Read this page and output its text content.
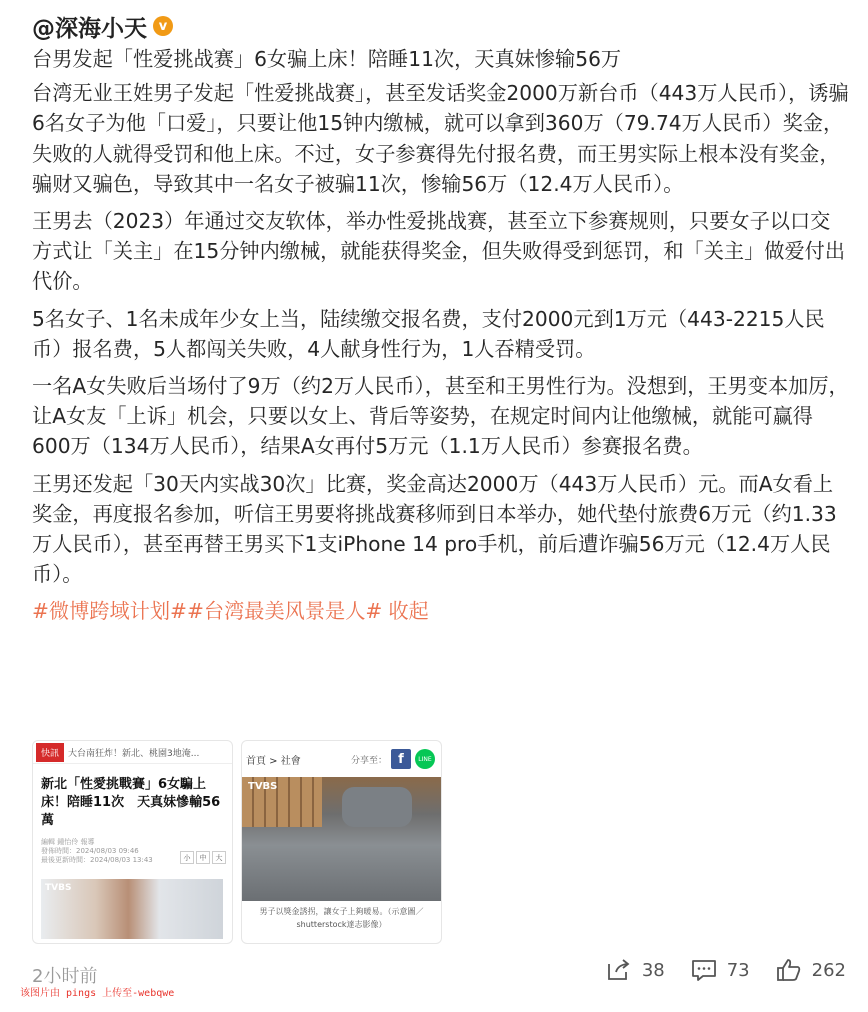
@深海小天 v

台男发起「性爱挑战赛」6女骗上床！陪睡11次，天真妹惨输56万

台湾无业王姓男子发起「性爱挑战赛」，甚至发话奖金2000万新台币（443万人民币），诱骗6名女子为他「口爱」，只要让他15钟内缴械，就可以拿到360万（79.74万人民币）奖金，失败的人就得受罚和他上床。不过，女子参赛得先付报名费，而王男实际上根本没有奖金，骗财又骗色，导致其中一名女子被骗11次，惨输56万（12.4万人民币）。

王男去（2023）年通过交友软体，举办性爱挑战赛，甚至立下参赛规则，只要女子以口交方式让「关主」在15分钟内缴械，就能获得奖金，但失败得受到惩罚，和「关主」做爱付出代价。

5名女子、1名未成年少女上当，陆续缴交报名费，支付2000元到1万元（443-2215人民币）报名费，5人都闯关失败，4人献身性行为，1人吞精受罚。

一名A女失败后当场付了9万（约2万人民币），甚至和王男性行为。没想到，王男变本加厉，让A女友「上诉」机会，只要以女上、背后等姿势，在规定时间内让他缴械，就能可赢得600万（134万人民币），结果A女再付5万元（1.1万人民币）参赛报名费。

王男还发起「30天内实战30次」比赛，奖金高达2000万（443万人民币）元。而A女看上奖金，再度报名参加，听信王男要将挑战赛移师到日本举办，她代垫付旅费6万元（约1.33万人民币），甚至再替王男买下1支iPhone 14 pro手机，前后遭诈骗56万元（12.4万人民币）。

#微博跨域计划##台湾最美风景是人# 收起
快訊	大台南狂炸！新北、桃園3地淹...
新北「性愛挑戰賽」6女騙上床！陪睡11次　天真妹慘輸56萬
編輯 鍾怡伶 報導
發佈時間：2024/08/03 09:46
最後更新時間：2024/08/03 13:43	小	中	大
TVBS
首頁 > 社會	分享至： f	LINE
TVBS
男子以獎金誘拐，讓女子上夠暖易。（示意圖／shutterstock達志影像）
2小时前
该图片由 pings 上传至-webqwe
38	73	262
